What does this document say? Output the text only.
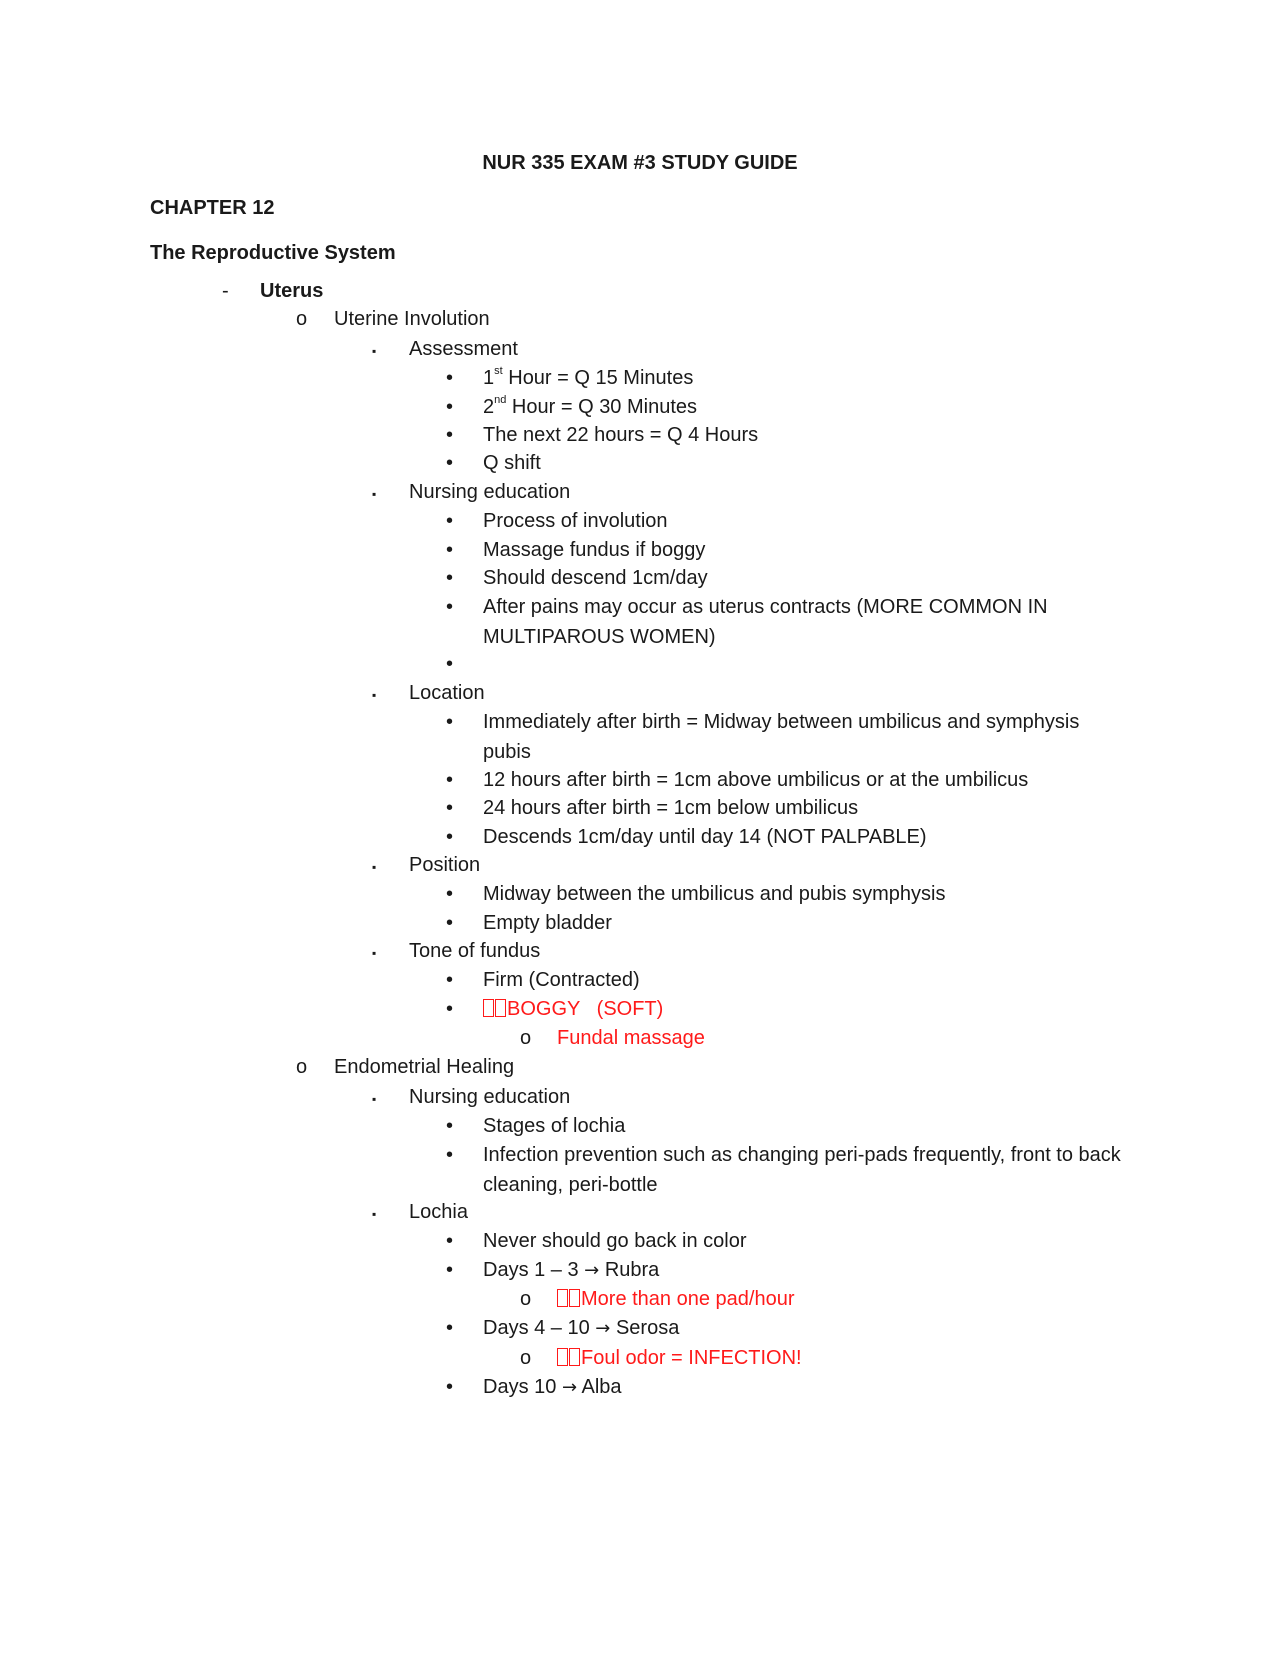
NUR 335 EXAM #3 STUDY GUIDE
CHAPTER 12
The Reproductive System
-	Uterus
o	Uterine Involution
▪	Assessment
•	1st Hour = Q 15 Minutes
•	2nd Hour = Q 30 Minutes
•	The next 22 hours = Q 4 Hours
•	Q shift
▪	Nursing education
•	Process of involution
•	Massage fundus if boggy
•	Should descend 1cm/day
•	After pains may occur as uterus contracts (MORE COMMON IN MULTIPAROUS WOMEN)
•
▪	Location
•	Immediately after birth = Midway between umbilicus and symphysis pubis
•	12 hours after birth = 1cm above umbilicus or at the umbilicus
•	24 hours after birth = 1cm below umbilicus
•	Descends 1cm/day until day 14 (NOT PALPABLE)
▪	Position
•	Midway between the umbilicus and pubis symphysis
•	Empty bladder
▪	Tone of fundus
•	Firm (Contracted)
•	BOGGY   (SOFT)
o	Fundal massage
o	Endometrial Healing
▪	Nursing education
•	Stages of lochia
•	Infection prevention such as changing peri-pads frequently, front to back cleaning, peri-bottle
▪	Lochia
•	Never should go back in color
•	Days 1 – 3 → Rubra
o	More than one pad/hour
•	Days 4 – 10 → Serosa
o	Foul odor = INFECTION!
•	Days 10 → Alba
